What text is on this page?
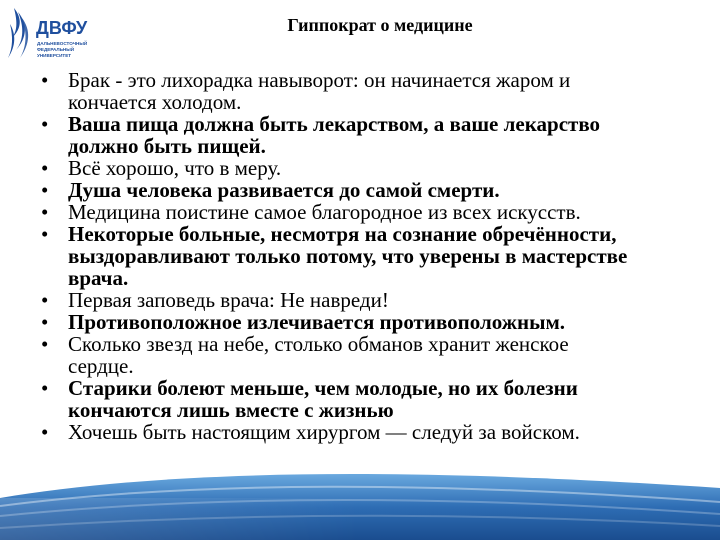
ДВФУ
ДАЛЬНЕВОСТОЧНЫЙ
ФЕДЕРАЛЬНЫЙ
УНИВЕРСИТЕТ
Гиппократ о медицине
• Брак - это лихорадка навыворот: он начинается жаром и
кончается холодом.
• Ваша пища должна быть лекарством, а ваше лекарство
должно быть пищей.
• Всё хорошо, что в меру.
• Душа человека развивается до самой смерти.
• Медицина поистине самое благородное из всех искусств.
• Некоторые больные, несмотря на сознание обречённости,
выздоравливают только потому, что уверены в мастерстве
врача.
• Первая заповедь врача: Не навреди!
• Противоположное излечивается противоположным.
• Сколько звезд на небе, столько обманов хранит женское
сердце.
• Старики болеют меньше, чем молодые, но их болезни
кончаются лишь вместе с жизнью
• Хочешь быть настоящим хирургом — следуй за войском.
